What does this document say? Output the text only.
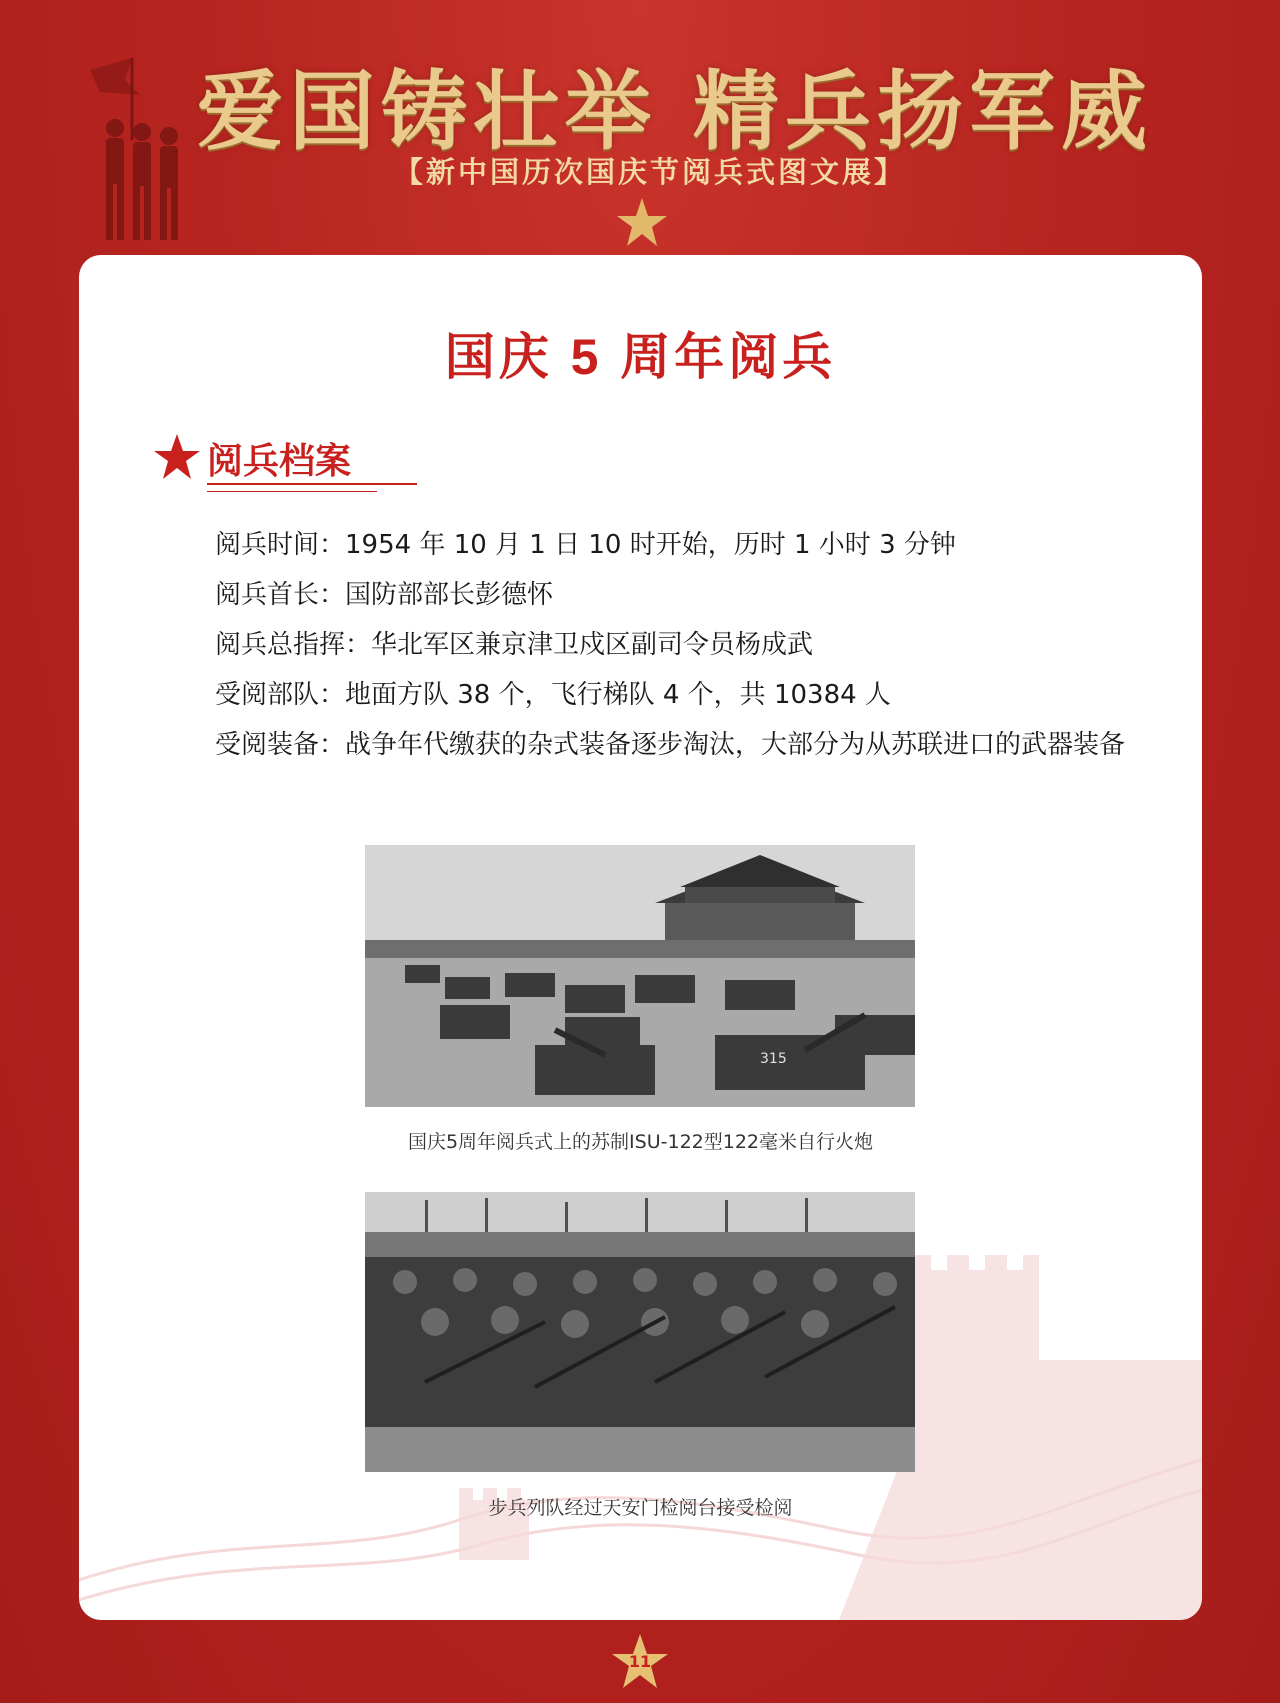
爱国铸壮举 精兵扬军威
【新中国历次国庆节阅兵式图文展】
国庆 5 周年阅兵
阅兵档案

阅兵时间：1954 年 10 月 1 日 10 时开始，历时 1 小时 3 分钟

阅兵首长：国防部部长彭德怀

阅兵总指挥：华北军区兼京津卫戍区副司令员杨成武

受阅部队：地面方队 38 个，飞行梯队 4 个，共 10384 人

受阅装备：战争年代缴获的杂式装备逐步淘汰，大部分为从苏联进口的武器装备

315
国庆5周年阅兵式上的苏制ISU-122型122毫米自行火炮
步兵列队经过天安门检阅台接受检阅
11
